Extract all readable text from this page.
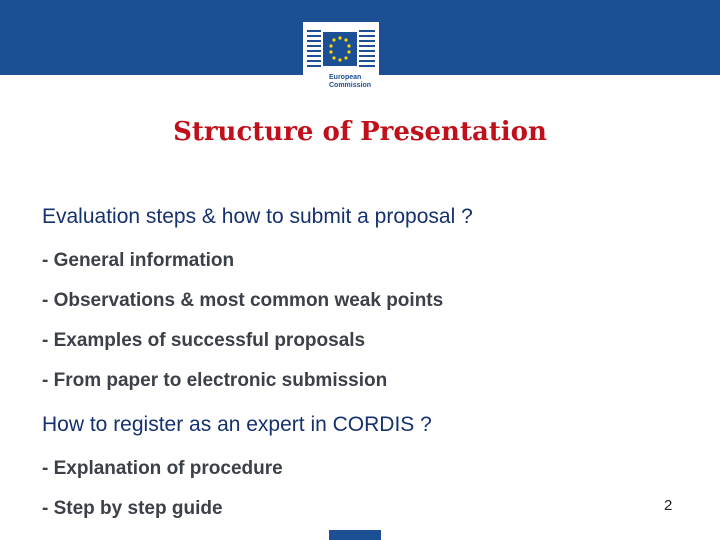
European
Commission
Structure of Presentation
Evaluation steps & how to submit a proposal ?
- General information
- Observations & most common weak points
- Examples of successful proposals
- From paper to electronic submission
How to register as an expert in CORDIS ?
- Explanation of procedure
- Step by step guide	2
